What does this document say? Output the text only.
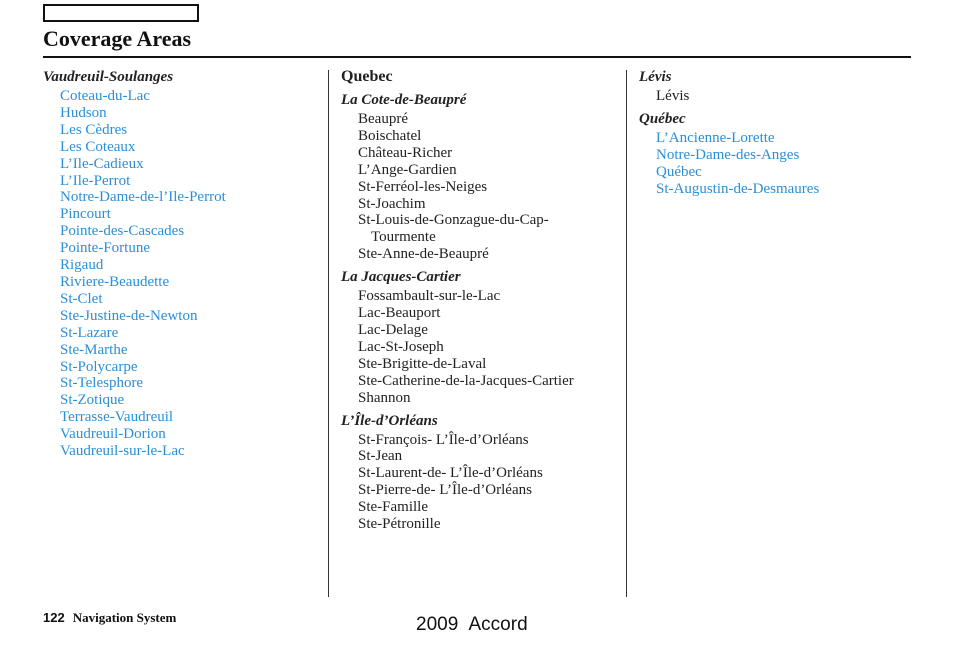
Coverage Areas
Vaudreuil-Soulanges
Coteau-du-Lac
Hudson
Les Cèdres
Les Coteaux
L’Ile-Cadieux
L’Ile-Perrot
Notre-Dame-de-l’Ile-Perrot
Pincourt
Pointe-des-Cascades
Pointe-Fortune
Rigaud
Riviere-Beaudette
St-Clet
Ste-Justine-de-Newton
St-Lazare
Ste-Marthe
St-Polycarpe
St-Telesphore
St-Zotique
Terrasse-Vaudreuil
Vaudreuil-Dorion
Vaudreuil-sur-le-Lac
Quebec
La Cote-de-Beaupré
Beaupré
Boischatel
Château-Richer
L’Ange-Gardien
St-Ferréol-les-Neiges
St-Joachim
St-Louis-de-Gonzague-du-Cap-
Tourmente
Ste-Anne-de-Beaupré
La Jacques-Cartier
Fossambault-sur-le-Lac
Lac-Beauport
Lac-Delage
Lac-St-Joseph
Ste-Brigitte-de-Laval
Ste-Catherine-de-la-Jacques-Cartier
Shannon
L’Île-d’Orléans
St-François- L’Île-d’Orléans
St-Jean
St-Laurent-de- L’Île-d’Orléans
St-Pierre-de- L’Île-d’Orléans
Ste-Famille
Ste-Pétronille
Lévis
Lévis
Québec
L’Ancienne-Lorette
Notre-Dame-des-Anges
Québec
St-Augustin-de-Desmaures
122 Navigation System	2009 Accord
